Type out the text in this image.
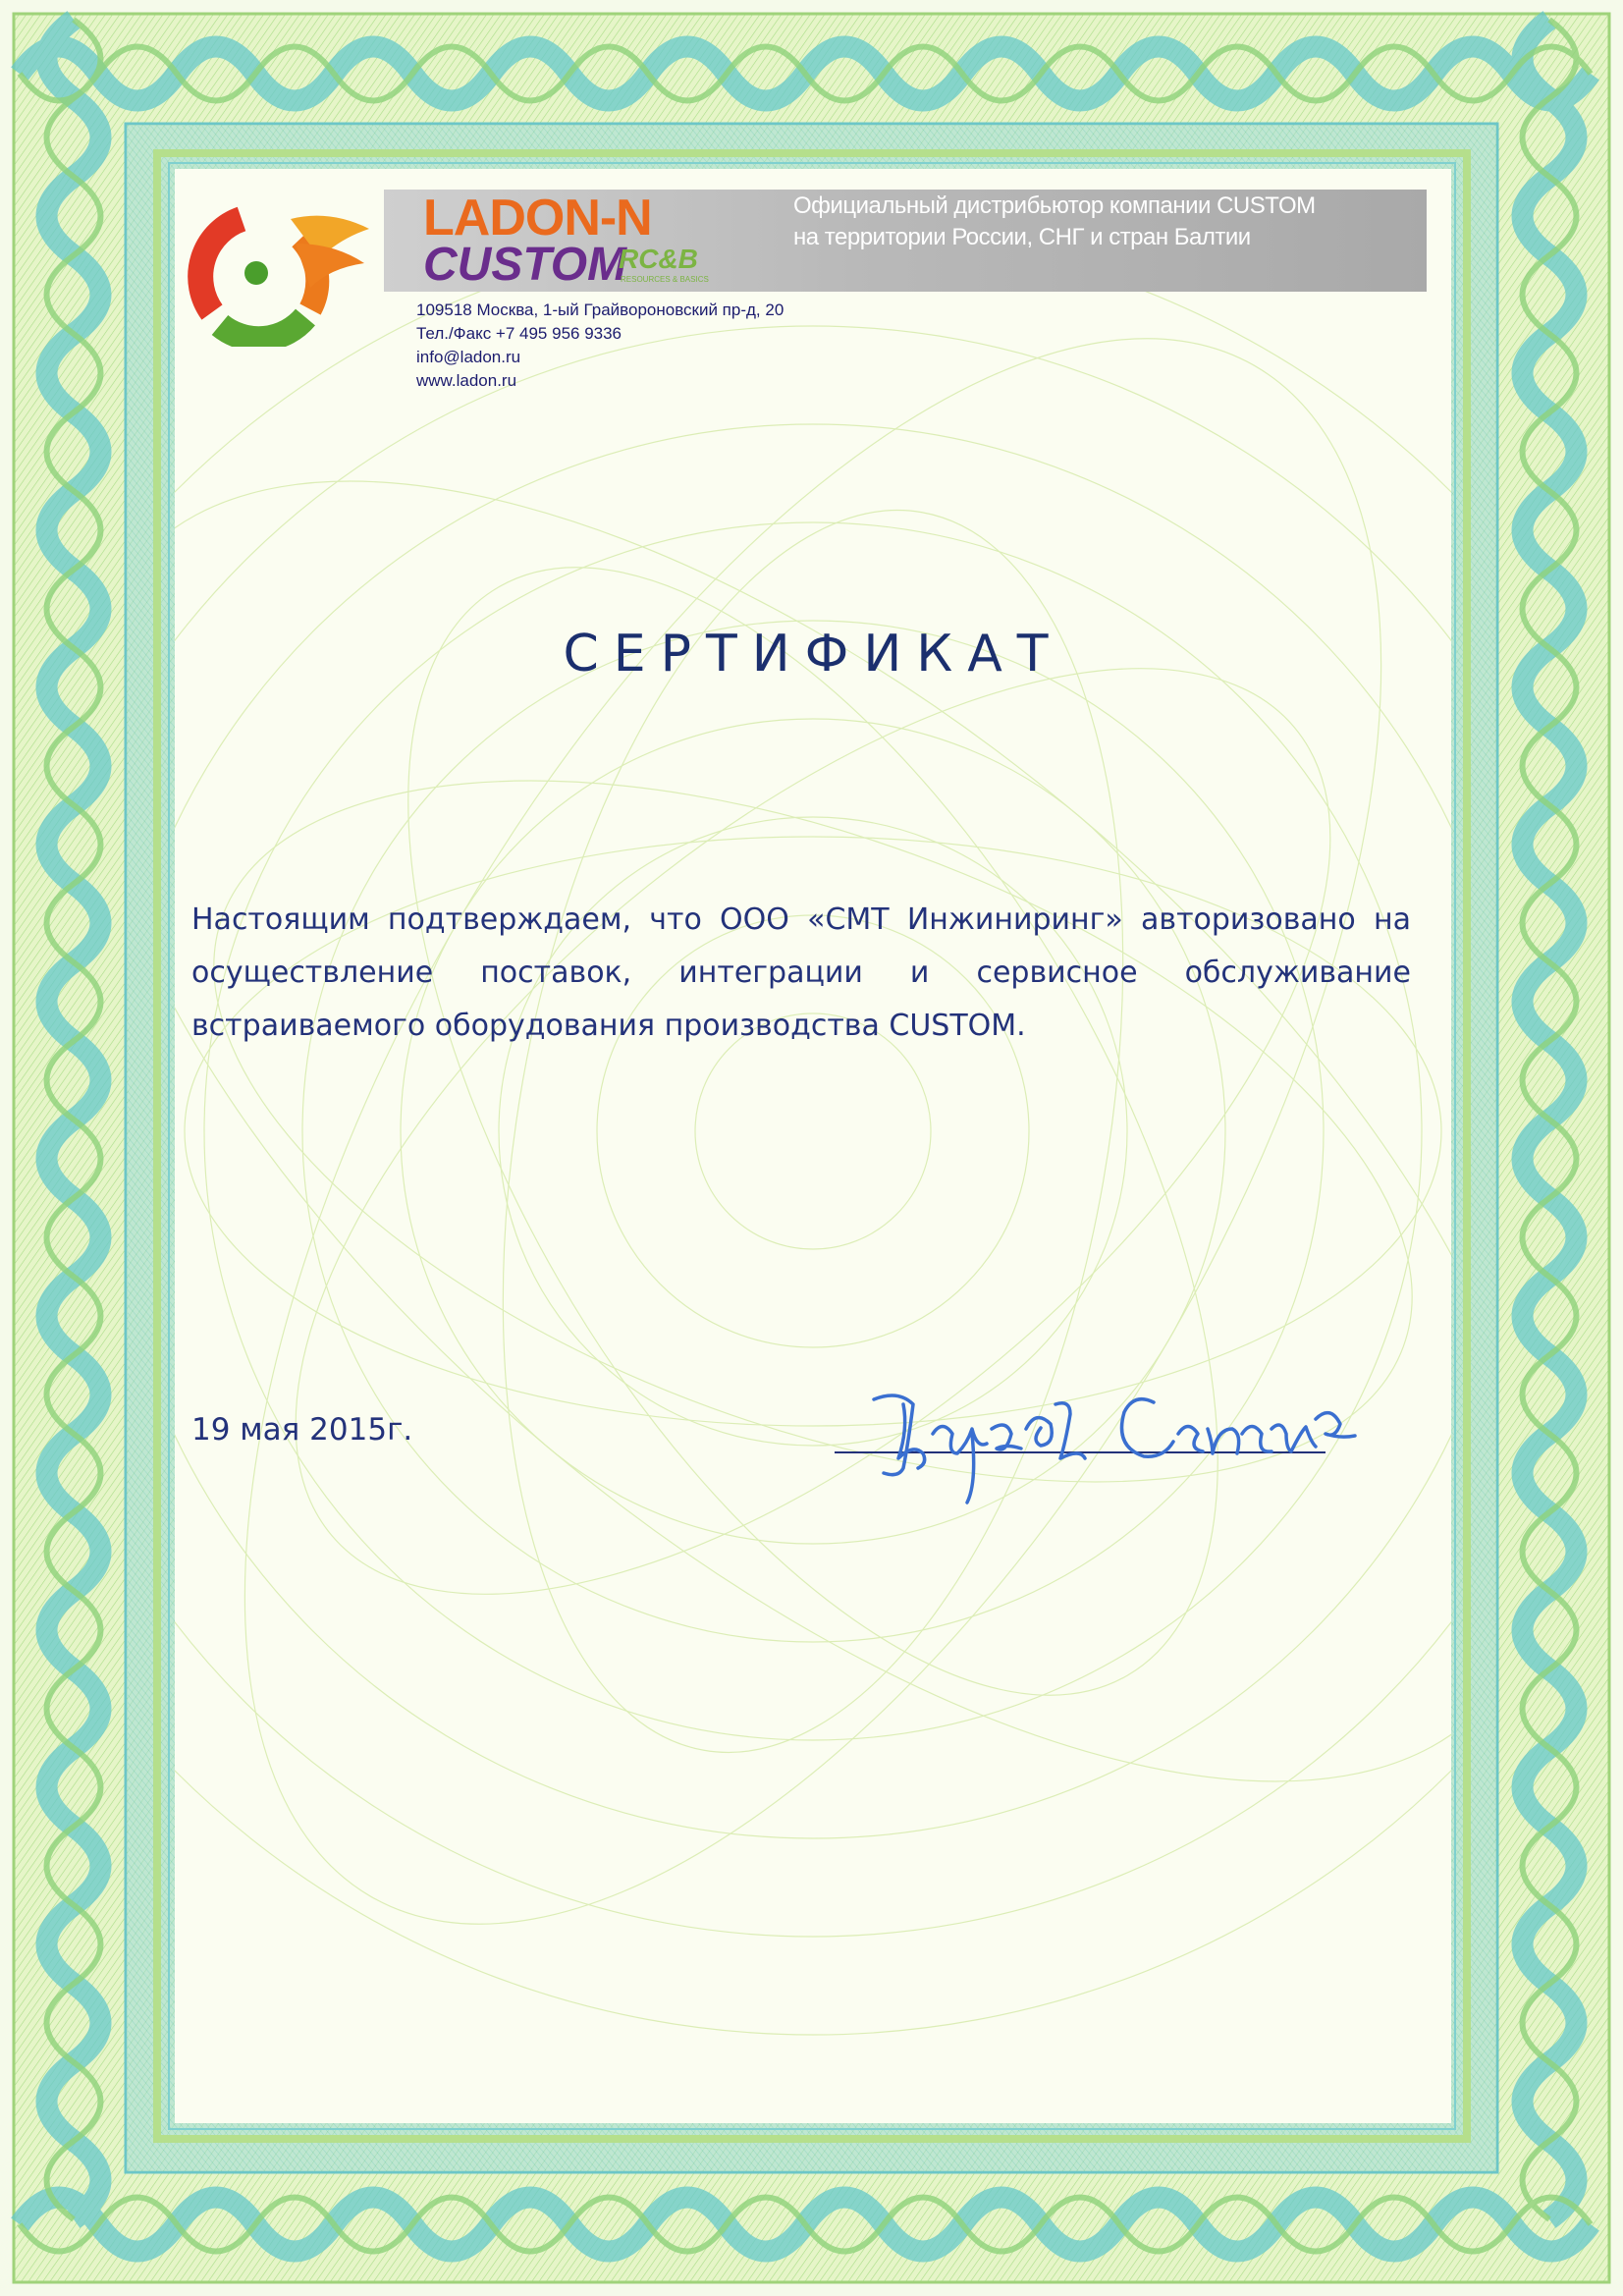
LADON-N
CUSTOM
RC&B
RESOURCES & BASICS
Официальный дистрибьютор компании CUSTOM
на территории России, СНГ и стран Балтии
109518 Москва, 1-ый Грайвороновский пр-д, 20
Тел./Факс +7 495 956 9336
info@ladon.ru
www.ladon.ru
СЕРТИФИКАТ
Настоящим подтверждаем, что ООО «СМТ Инжиниринг» авторизовано на осуществление поставок, интеграции и сервисное обслуживание встраиваемого оборудования производства CUSTOM.
19 мая 2015г.
